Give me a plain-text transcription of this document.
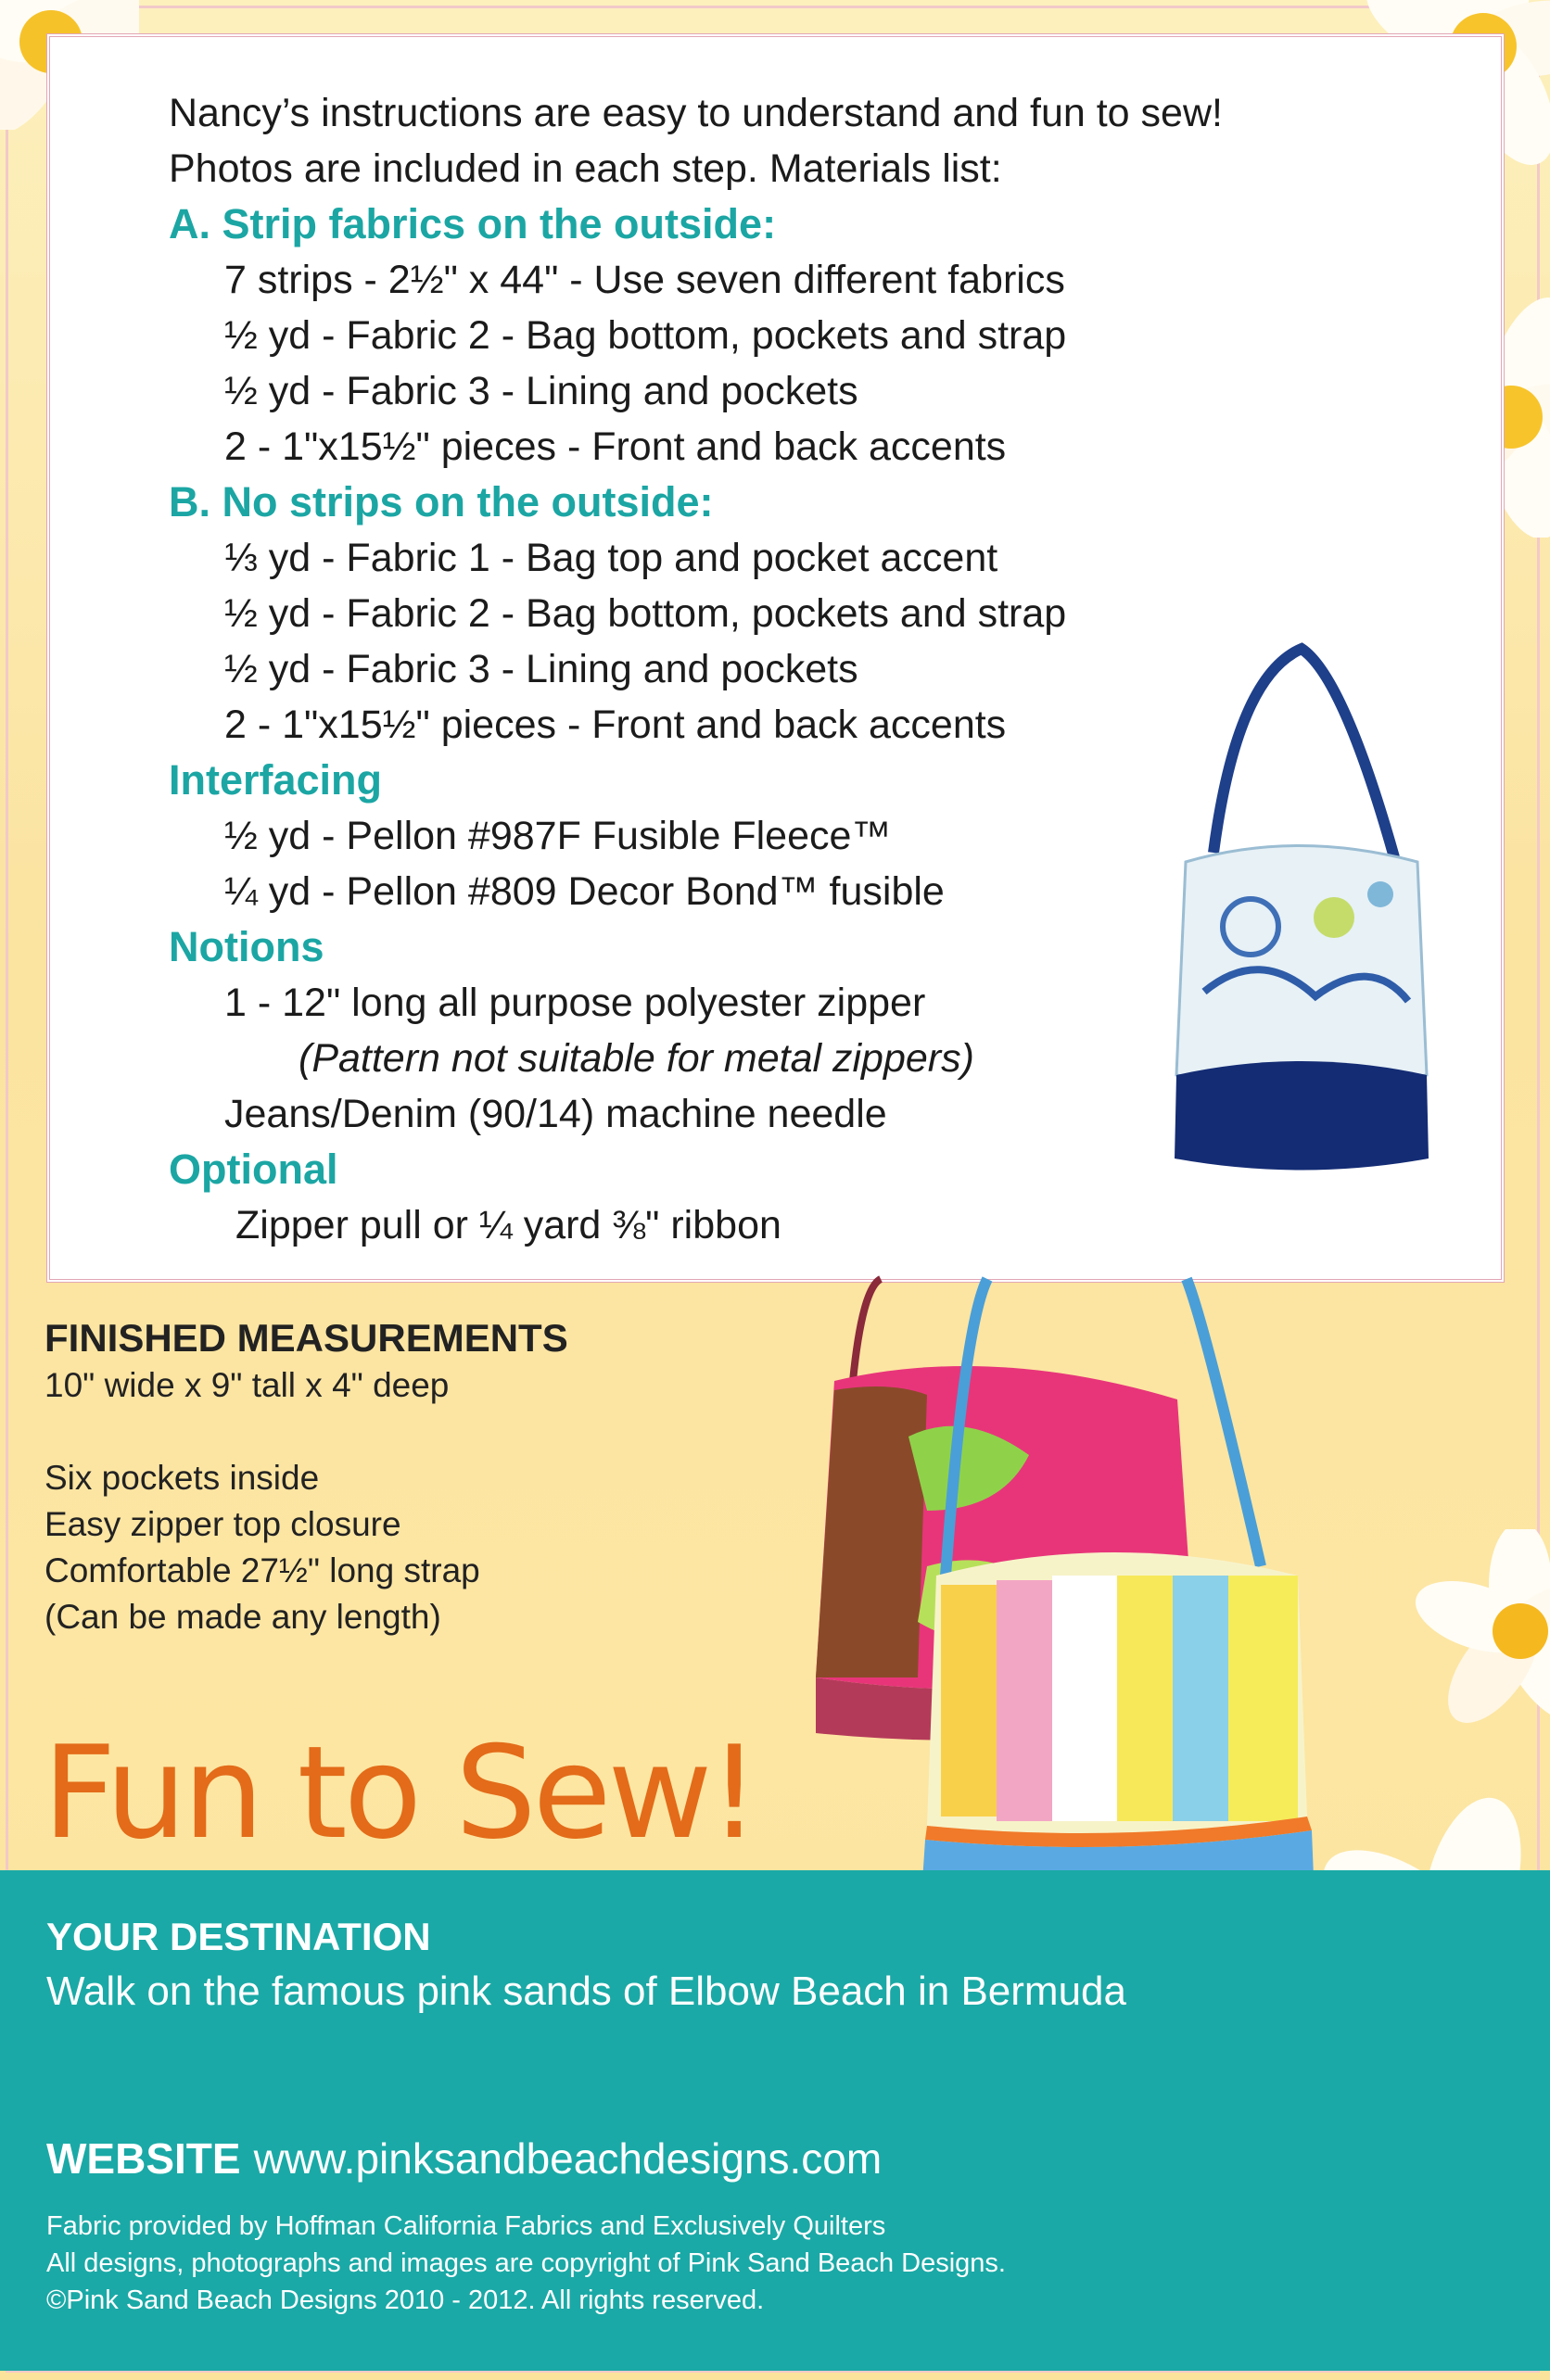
Nancy’s instructions are easy to understand and fun to sew!

Photos are included in each step. Materials list:

A. Strip fabrics on the outside:

7 strips - 2½" x 44" - Use seven different fabrics

½ yd - Fabric 2 - Bag bottom, pockets and strap

½ yd - Fabric 3 - Lining and pockets

2 - 1"x15½" pieces - Front and back accents

B. No strips on the outside:

⅓ yd - Fabric 1 - Bag top and pocket accent

½ yd - Fabric 2 - Bag bottom, pockets and strap

½ yd - Fabric 3 - Lining and pockets

2 - 1"x15½" pieces - Front and back accents

Interfacing

½ yd - Pellon #987F Fusible Fleece™

¼ yd - Pellon #809 Decor Bond™ fusible

Notions

1 - 12" long all purpose polyester zipper

(Pattern not suitable for metal zippers)

Jeans/Denim (90/14) machine needle

Optional

Zipper pull or ¼ yard ⅜" ribbon

FINISHED MEASUREMENTS

10" wide x 9" tall x 4" deep

Six pockets inside

Easy zipper top closure

Comfortable 27½" long strap

(Can be made any length)

Fun to Sew!

YOUR DESTINATION

Walk on the famous pink sands of Elbow Beach in Bermuda

WEBSITE www.pinksandbeachdesigns.com

Fabric provided by Hoffman California Fabrics and Exclusively Quilters

All designs, photographs and images are copyright of Pink Sand Beach Designs.

©Pink Sand Beach Designs 2010 - 2012. All rights reserved.
